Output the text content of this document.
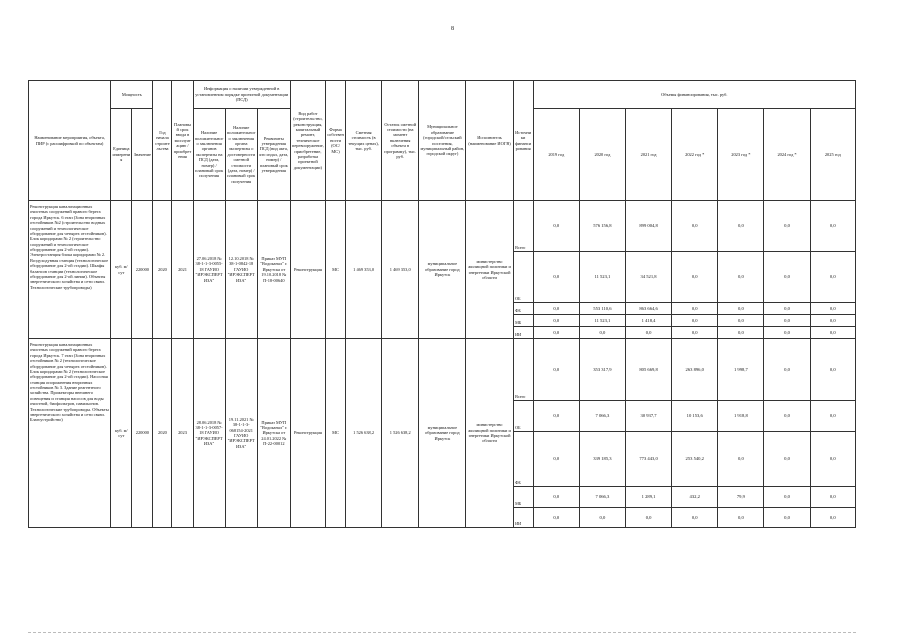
8
Наименование мероприятия, объекта, ПИР (с расшифровкой по объектам)	Мощность		Год начала строительства	Плановый срок ввода в эксплуатацию / приобретения	Информация о наличии утвержденной в установленном порядке проектной документации (ПСД)			Вид работ (строительство, реконструкция, капитальный ремонт, техническое перевооружение, приобретение, разработка проектной документации)	Форма собственности (ОС/МС)	Сметная стоимость (в текущих ценах), тыс. руб.	Остаток сметной стоимости (на момент включения объекта в программу), тыс. руб.	Муниципальное образование (городской/сельский поселения, муниципальный район, городской округ)	Исполнитель (наименование ИОГВ)	Источники финансирования	Объемы финансирования, тыс. руб.						
	Единица измерения	Значение			Наличие положительного заключения органов экспертизы на ПСД (дата, номер) / плановый срок получения	Наличие положительного заключения органа экспертизы о достоверности сметной стоимости (дата, номер) / плановый срок получения	Реквизиты утверждения ПСД (вид акта, кто издал, дата, номер) / плановый срок утверждения								2019 год	2020 год	2021 год	2022 год *	2023 год *	2024 год *	2025 год
Реконструкция канализационных очистных сооружений правого берега города Иркутск. 6 этап (Зона вторичных отстойников №2 (строительство водных сооружений и технологическое оборудование для четырех отстойников). Блок коридорами № 2 (строительство сооружений и технологическое оборудование для 2-ой стадии). Электростанция блока коридорами № 2. Воздуходувная станция (технологическое оборудование для 2-ой стадии). Шкафы балансов станции (технологическое оборудование для 2-ой линии). Объекты энергетического хозяйства и сети связи. Технологические трубопроводы)	куб. м/сут	220000	2020	2021	27.06.2018 № 38-1-1-3-0055-18 ГАУИО "ИРЭКСПЕРТИЗА"	12.10.2018 № 38-1-0842-18 ГАУИО "ИРЭКСПЕРТИЗА"	Приказ МУП "Водоканал" г. Иркутска от 19.10.2018 № П-18-00640	Реконструкция	МС	1 469 353,0	1 469 353,0	муниципальное образование город Иркутск	министерство жилищной политики и энергетики Иркутской области	Всего	0,0	576 156,8	899 004,8	0,0	0,0	0,0	0,0
														ОБ	0,0	11 523,1	34 521,8	0,0	0,0	0,0	0,0
														ФБ	0,0	553 110,6	863 664,6	0,0	0,0	0,0	0,0
														МБ	0,0	11 523,1	1 418,4	0,0	0,0	0,0	0,0
														ИИ	0,0	0,0	0,0	0,0	0,0	0,0	0,0
Реконструкция канализационных очистных сооружений правого берега города Иркутск. 7 этап (Зона вторичных отстойников № 2 (технологическое оборудование для четырех отстойников). Блок коридорами № 2 (технологическое оборудование для 2-ой стадии). Насосная станция опорожнения вторичных отстойников № 3. Здание реагентного хозяйства. Прожекторы внешнего освещения и станция насосов для воды очистной, биофильтров, павильонов. Технологические трубопроводы. Объекты энергетического хозяйства и сети связи. Благоустройство)	куб. м/сут	220000	2020	2023	28.06.2018 № 38-1-1-3-0057-18 ГАУИО "ИРЭКСПЕРТИЗА"	19.11.2021 № 38-1-1-3-068154-2021 ГАУИО "ИРЭКСПЕРТИЗА"	Приказ МУП "Водоканал" г. Иркутска от 24.01.2022 № П-22-00012	Реконструкция	МС	1 526 638,2	1 526 638,2	муниципальное образование город Иркутск	министерство жилищной политики и энергетики Иркутской области	Всего	0,0	353 317,9	805 669,8	263 896,0	1 998,7	0,0	0,0
														ОБ	0,0	7 066,3	30 937,7	10 153,6	1 918,8	0,0	0,0
														ФБ	0,0	339 185,3	773 443,0	253 540,2	0,0	0,0	0,0
														МБ	0,0	7 066,3	1 289,1	432,2	79,9	0,0	0,0
														ИИ	0,0	0,0	0,0	0,0	0,0	0,0	0,0
